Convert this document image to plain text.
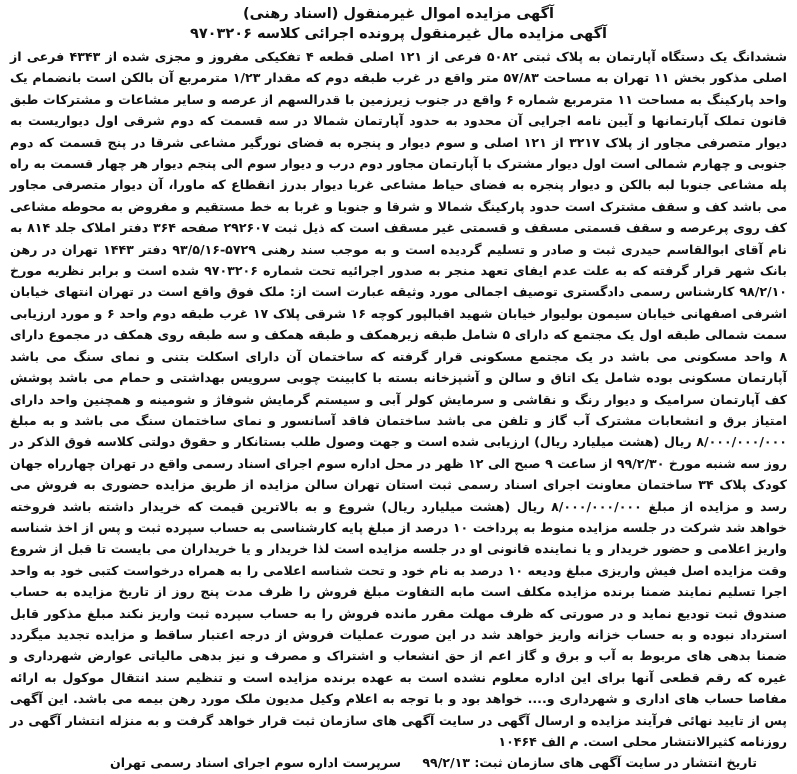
آگهی مزایده اموال غیرمنقول (اسناد رهنی)

آگهی مزایده مال غیرمنقول پرونده اجرائی کلاسه ۹۷۰۳۲۰۶

ششدانگ یک دستگاه آپارتمان به پلاک ثبتی ۵۰۸۲ فرعی از ۱۲۱ اصلی قطعه ۴ تفکیکی مفروز و مجزی شده از ۴۳۴۳ فرعی از اصلی مذکور بخش ۱۱ تهران به مساحت ۵۷/۸۳ متر واقع در غرب طبقه دوم که مقدار ۱/۲۳ مترمربع آن بالکن است بانضمام یک واحد پارکینگ به مساحت ۱۱ مترمربع شماره ۶ واقع در جنوب زیرزمین با قدرالسهم از عرصه و سایر مشاعات و مشترکات طبق قانون تملک آپارتمانها و آیین نامه اجرایی آن محدود به حدود آپارتمان شمالا در سه قسمت که دوم شرقی اول دیواریست به دیوار متصرفی مجاور از پلاک ۳۲۱۷ از ۱۲۱ اصلی و سوم دیوار و پنجره به فضای نورگیر مشاعی شرقا در پنج قسمت که دوم جنوبی و چهارم شمالی است اول دیوار مشترک با آپارتمان مجاور دوم درب و دیوار سوم الی پنجم دیوار هر چهار قسمت به راه پله مشاعی جنوبا لبه بالکن و دیوار پنجره به فضای حیاط مشاعی غربا دیوار بدرز انقطاع که ماورا، آن دیوار متصرفی مجاور می باشد کف و سقف مشترک است حدود پارکینگ شمالا و شرقا و جنوبا و غربا به خط مستقیم و مفروض به محوطه مشاعی کف روی پرعرصه و سقف قسمتی مسقف و قسمتی غیر مسقف است که ذیل ثبت ۲۹۲۶۰۷ صفحه ۳۶۴ دفتر املاک جلد ۸۱۴ به نام آقای ابوالقاسم حیدری ثبت و صادر و تسلیم گردیده است و به موجب سند رهنی ۵۷۲۹-۹۳/۵/۱۶ دفتر ۱۴۴۳ تهران در رهن بانک شهر قرار گرفته که به علت عدم ایفای تعهد منجر به صدور اجرائیه تحت شماره ۹۷۰۳۲۰۶ شده است و برابر نظریه مورخ ۹۸/۲/۱۰ کارشناس رسمی دادگستری توصیف اجمالی مورد وثیقه عبارت است از: ملک فوق واقع است در تهران انتهای خیابان اشرفی اصفهانی خیابان سیمون بولیوار خیابان شهید اقبالپور کوچه ۱۶ شرقی پلاک ۱۷ غرب طبقه دوم واحد ۶ و مورد ارزیابی سمت شمالی طبقه اول یک مجتمع که دارای ۵ شامل طبقه زیرهمکف و طبقه همکف و سه طبقه روی همکف در مجموع دارای ۸ واحد مسکونی می باشد در یک مجتمع مسکونی قرار گرفته که ساختمان آن دارای اسکلت بتنی و نمای سنگ می باشد آپارتمان مسکونی بوده شامل یک اتاق و سالن و آشپزخانه بسته با کابینت چوبی سرویس بهداشتی و حمام می باشد پوشش کف آپارتمان سرامیک و دیوار رنگ و نقاشی و سرمایش کولر آبی و سیستم گرمایش شوفاژ و شومینه و همچنین واحد دارای امتیاز برق و انشعابات مشترک آب گاز و تلفن می باشد ساختمان فاقد آسانسور و نمای ساختمان سنگ می باشد و به مبلغ ۸/۰۰۰/۰۰۰/۰۰۰ ریال (هشت میلیارد ریال) ارزیابی شده است و جهت وصول طلب بستانکار و حقوق دولتی کلاسه فوق الذکر در روز سه شنبه مورخ ۹۹/۲/۳۰ از ساعت ۹ صبح الی ۱۲ ظهر در محل اداره سوم اجرای اسناد رسمی واقع در تهران چهارراه جهان کودک پلاک ۳۴ ساختمان معاونت اجرای اسناد رسمی ثبت استان تهران سالن مزایده از طریق مزایده حضوری به فروش می رسد و مزایده از مبلغ ۸/۰۰۰/۰۰۰/۰۰۰ ریال (هشت میلیارد ریال) شروع و به بالاترین قیمت که خریدار داشته باشد فروخته خواهد شد شرکت در جلسه مزایده منوط به پرداخت ۱۰ درصد از مبلغ پایه کارشناسی به حساب سپرده ثبت و پس از اخذ شناسه واریز اعلامی و حضور خریدار و یا نماینده قانونی او در جلسه مزایده است لذا خریدار و یا خریداران می بایست تا قبل از شروع وقت مزایده اصل فیش واریزی مبلغ ودیعه ۱۰ درصد به نام خود و تحت شناسه اعلامی را به همراه درخواست کتبی خود به واحد اجرا تسلیم نمایند ضمنا برنده مزایده مکلف است مابه التفاوت مبلغ فروش را ظرف مدت پنج روز از تاریخ مزایده به حساب صندوق ثبت تودیع نماید و در صورتی که ظرف مهلت مقرر مانده فروش را به حساب سپرده ثبت واریز نکند مبلغ مذکور قابل استرداد نبوده و به حساب خزانه واریز خواهد شد در این صورت عملیات فروش از درجه اعتبار ساقط و مزایده تجدید میگردد ضمنا بدهی های مربوط به آب و برق و گاز اعم از حق انشعاب و اشتراک و مصرف و نیز بدهی مالیاتی عوارض شهرداری و غیره که رقم قطعی آنها برای این اداره معلوم نشده است به عهده برنده مزایده است و تنظیم سند انتقال موکول به ارائه مفاصا حساب های اداری و شهرداری و.... خواهد بود و با توجه به اعلام وکیل مدیون ملک مورد رهن بیمه می باشد. این آگهی پس از تایید نهائی فرآیند مزایده و ارسال آگهی در سایت آگهی های سازمان ثبت قرار خواهد گرفت و به منزله انتشار آگهی در روزنامه کثیرالانتشار محلی است. م الف ۱۰۴۶۴

تاریخ انتشار در سایت آگهی های سازمان ثبت: ۹۹/۲/۱۳
سرپرست اداره سوم اجرای اسناد رسمی تهران
